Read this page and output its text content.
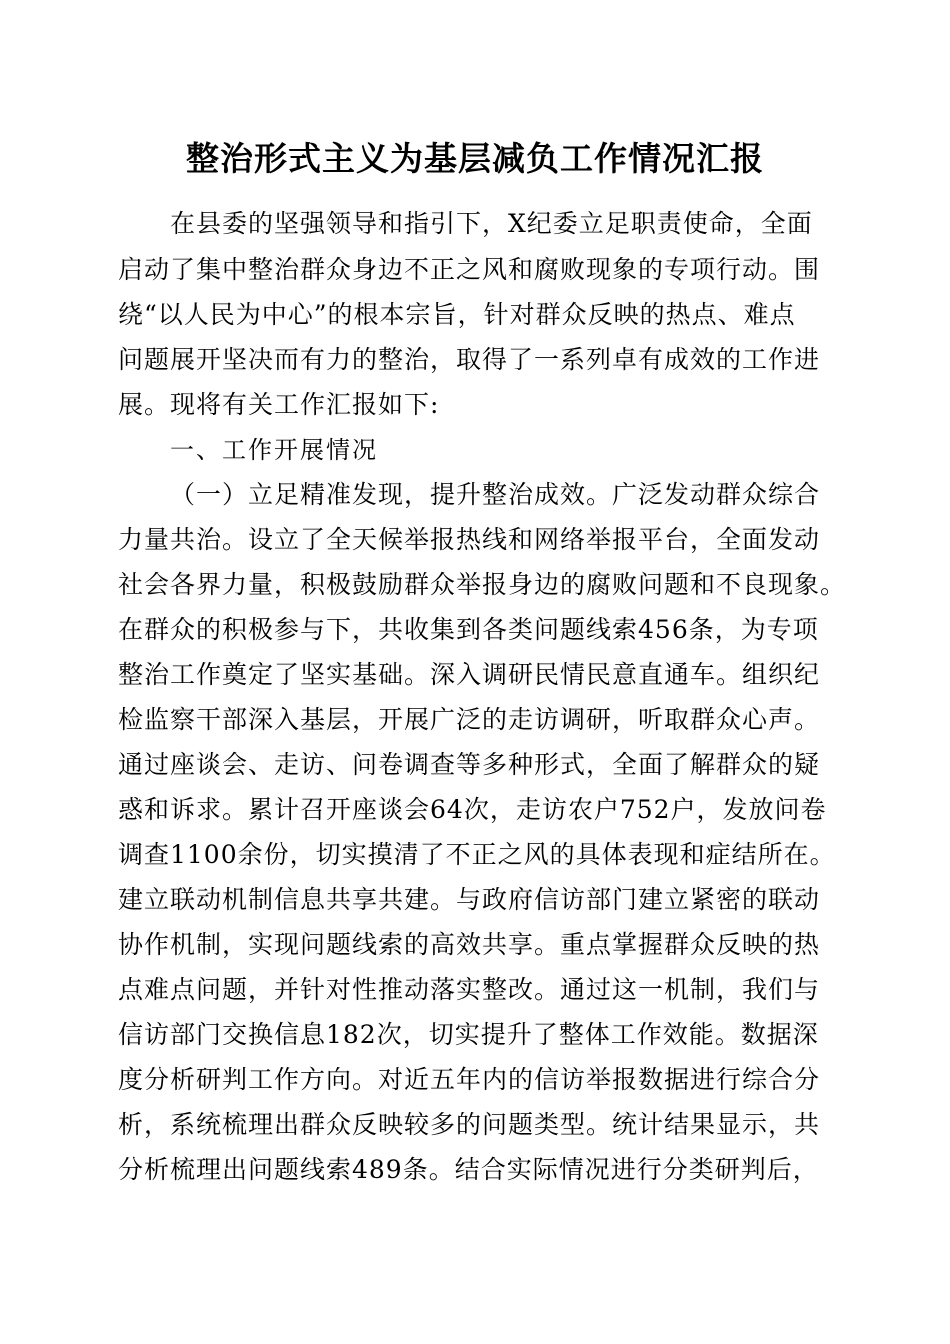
整治形式主义为基层减负工作情况汇报
在县委的坚强领导和指引下，X纪委立足职责使命，全面
启动了集中整治群众身边不正之风和腐败现象的专项行动。围
绕“以人民为中心”的根本宗旨，针对群众反映的热点、难点
问题展开坚决而有力的整治，取得了一系列卓有成效的工作进
展。现将有关工作汇报如下:
一、工作开展情况
（一）立足精准发现，提升整治成效。广泛发动群众综合
力量共治。设立了全天候举报热线和网络举报平台，全面发动
社会各界力量，积极鼓励群众举报身边的腐败问题和不良现象。
在群众的积极参与下，共收集到各类问题线索456条，为专项
整治工作奠定了坚实基础。深入调研民情民意直通车。组织纪
检监察干部深入基层，开展广泛的走访调研，听取群众心声。
通过座谈会、走访、问卷调查等多种形式，全面了解群众的疑
惑和诉求。累计召开座谈会64次，走访农户752户，发放问卷
调查1100余份，切实摸清了不正之风的具体表现和症结所在。
建立联动机制信息共享共建。与政府信访部门建立紧密的联动
协作机制，实现问题线索的高效共享。重点掌握群众反映的热
点难点问题，并针对性推动落实整改。通过这一机制，我们与
信访部门交换信息182次，切实提升了整体工作效能。数据深
度分析研判工作方向。对近五年内的信访举报数据进行综合分
析，系统梳理出群众反映较多的问题类型。统计结果显示，共
分析梳理出问题线索489条。结合实际情况进行分类研判后，
